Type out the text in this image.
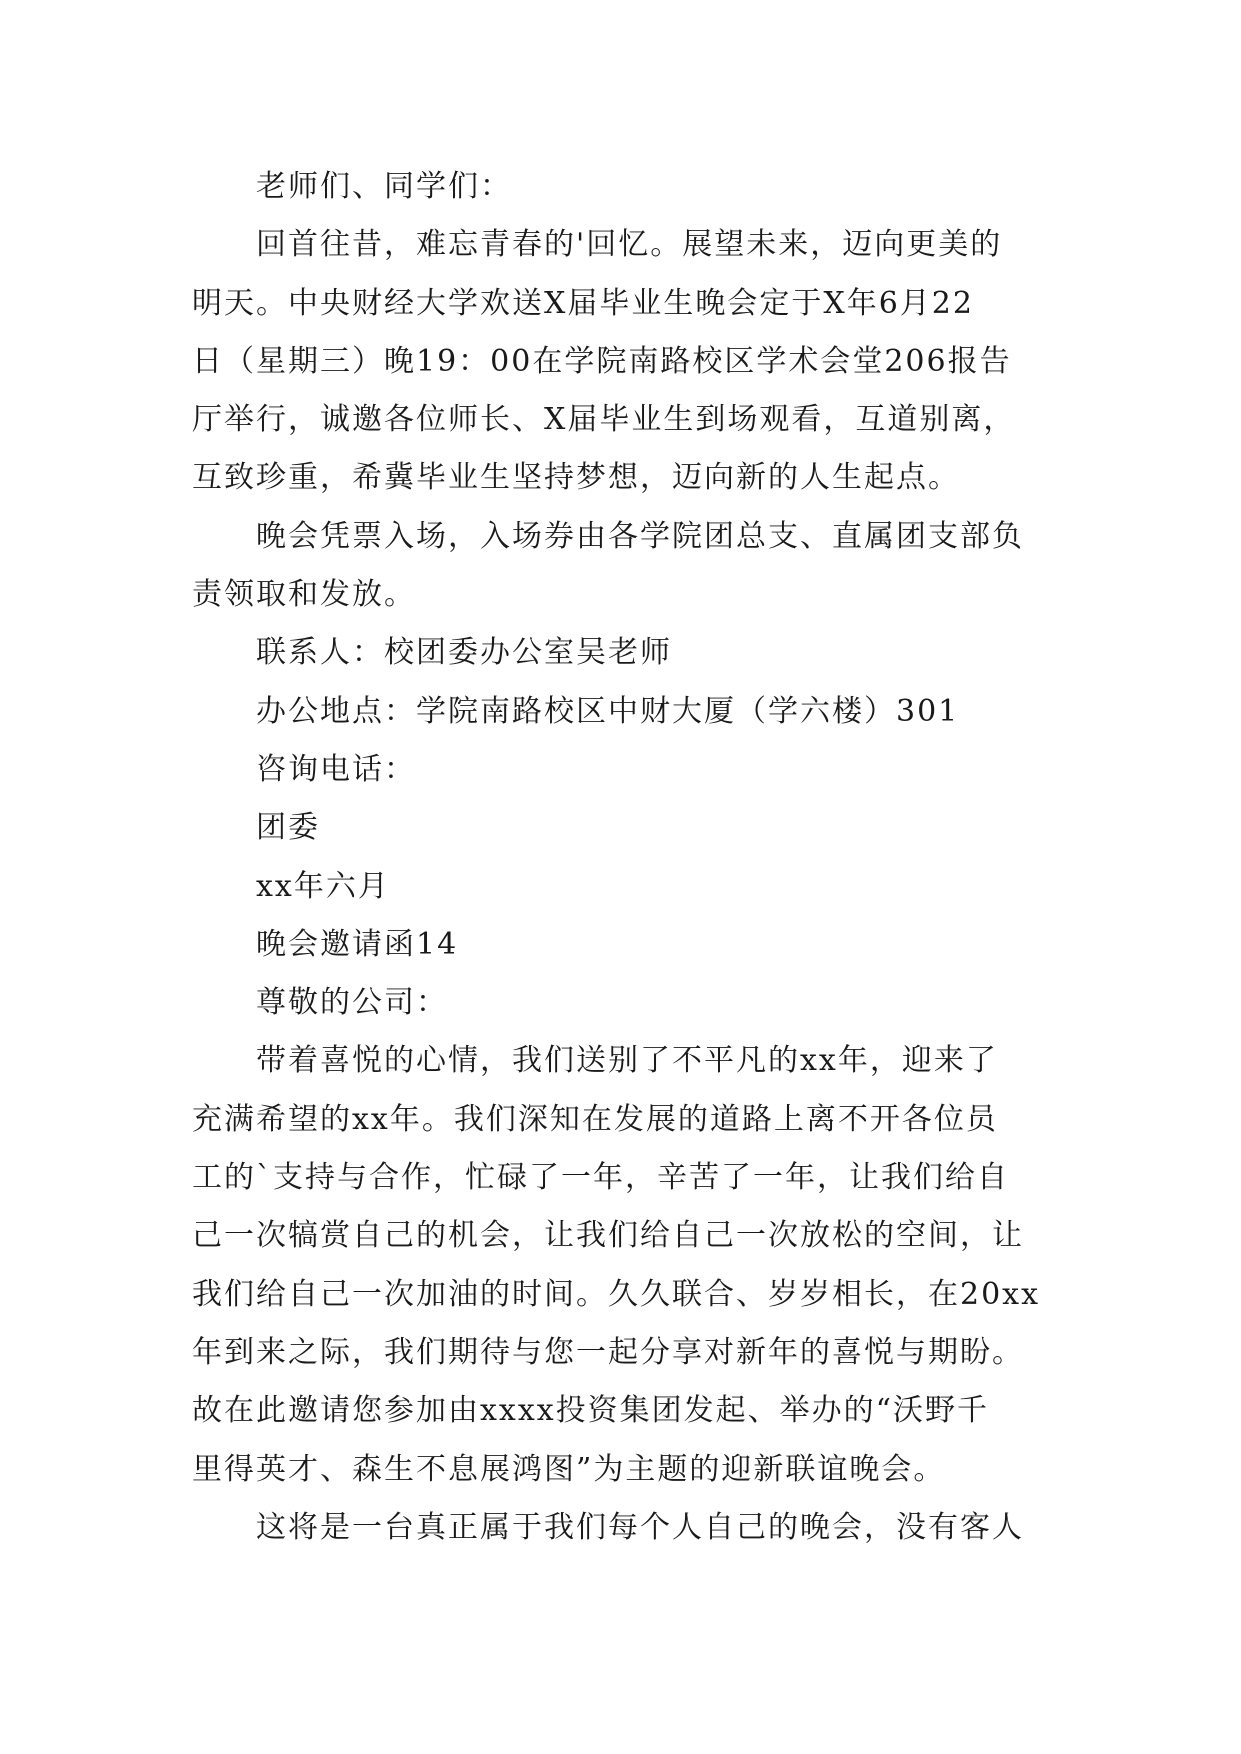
老师们、同学们：

回首往昔，难忘青春的'回忆。展望未来，迈向更美的
明天。中央财经大学欢送X届毕业生晚会定于X年6月22
日（星期三）晚19：00在学院南路校区学术会堂206报告
厅举行，诚邀各位师长、X届毕业生到场观看，互道别离，
互致珍重，希冀毕业生坚持梦想，迈向新的人生起点。

晚会凭票入场，入场券由各学院团总支、直属团支部负
责领取和发放。

联系人：校团委办公室吴老师

办公地点：学院南路校区中财大厦（学六楼）301

咨询电话：

团委

xx年六月

晚会邀请函14

尊敬的公司：

带着喜悦的心情，我们送别了不平凡的xx年，迎来了
充满希望的xx年。我们深知在发展的道路上离不开各位员
工的`支持与合作，忙碌了一年，辛苦了一年，让我们给自
己一次犒赏自己的机会，让我们给自己一次放松的空间，让
我们给自己一次加油的时间。久久联合、岁岁相长，在20xx
年到来之际，我们期待与您一起分享对新年的喜悦与期盼。
故在此邀请您参加由xxxx投资集团发起、举办的“沃野千
里得英才、森生不息展鸿图”为主题的迎新联谊晚会。

这将是一台真正属于我们每个人自己的晚会，没有客人
